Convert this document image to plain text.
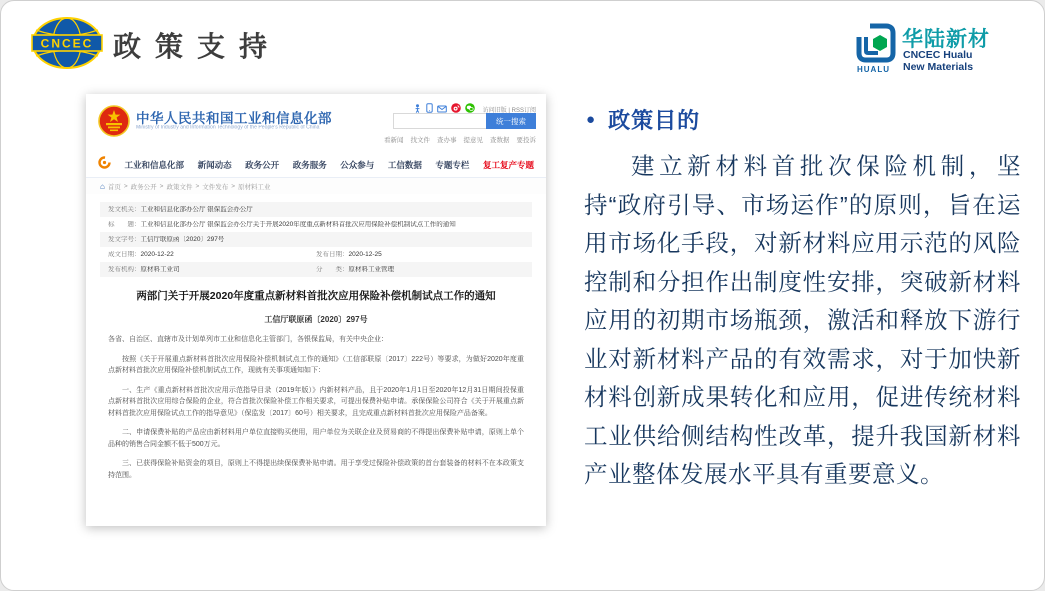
CNCEC 政策支持
HUALU
华陆新材
CNCEC Hualu
New Materials
中华人民共和国工业和信息化部
Ministry of Industry and Information Technology of the People's Republic of China
访问旧版 | RSS订阅
统一搜索
看新闻 找文件 查办事 提意见 查数据 要投诉
工业和信息化部 新闻动态 政务公开 政务服务 公众参与 工信数据 专题专栏 复工复产专题
⌂ 首页 > 政务公开 > 政策文件 > 文件发布 > 原材料工业
发文机关： 工业和信息化部办公厅 银保监会办公厅
标　　题： 工业和信息化部办公厅 银保监会办公厅关于开展2020年度重点新材料首批次应用保险补偿机制试点工作的通知
发文字号： 工信厅联原函〔2020〕297号
成文日期： 2020-12-22	发布日期： 2020-12-25
发布机构： 原材料工业司	分　　类： 原材料工业管理
两部门关于开展2020年度重点新材料首批次应用保险补偿机制试点工作的通知
工信厅联原函〔2020〕297号

各省、自治区、直辖市及计划单列市工业和信息化主管部门，各银保监局，有关中央企业：

按照《关于开展重点新材料首批次应用保险补偿机制试点工作的通知》（工信部联原〔2017〕222号）等要求，为做好2020年度重点新材料首批次应用保险补偿机制试点工作，现就有关事项通知如下：

一、生产《重点新材料首批次应用示范指导目录（2019年版）》内新材料产品，且于2020年1月1日至2020年12月31日期间投保重点新材料首批次应用综合保险的企业，符合首批次保险补偿工作相关要求，可提出保费补贴申请。承保保险公司符合《关于开展重点新材料首批次应用保险试点工作的指导意见》（保监发〔2017〕60号）相关要求，且完成重点新材料首批次应用保险产品备案。

二、申请保费补贴的产品应由新材料用户单位直接购买使用，用户单位为关联企业及贸易商的不得提出保费补贴申请，原则上单个品种的销售合同金额不低于500万元。

三、已获得保险补贴资金的项目，原则上不得提出续保保费补贴申请。用于享受过保险补偿政策的首台套装备的材料不在本政策支持范围。

● 政策目的
建立新材料首批次保险机制，坚持“政府引导、市场运作”的原则，旨在运用市场化手段，对新材料应用示范的风险控制和分担作出制度性安排，突破新材料应用的初期市场瓶颈，激活和释放下游行业对新材料产品的有效需求，对于加快新材料创新成果转化和应用，促进传统材料工业供给侧结构性改革，提升我国新材料产业整体发展水平具有重要意义。
